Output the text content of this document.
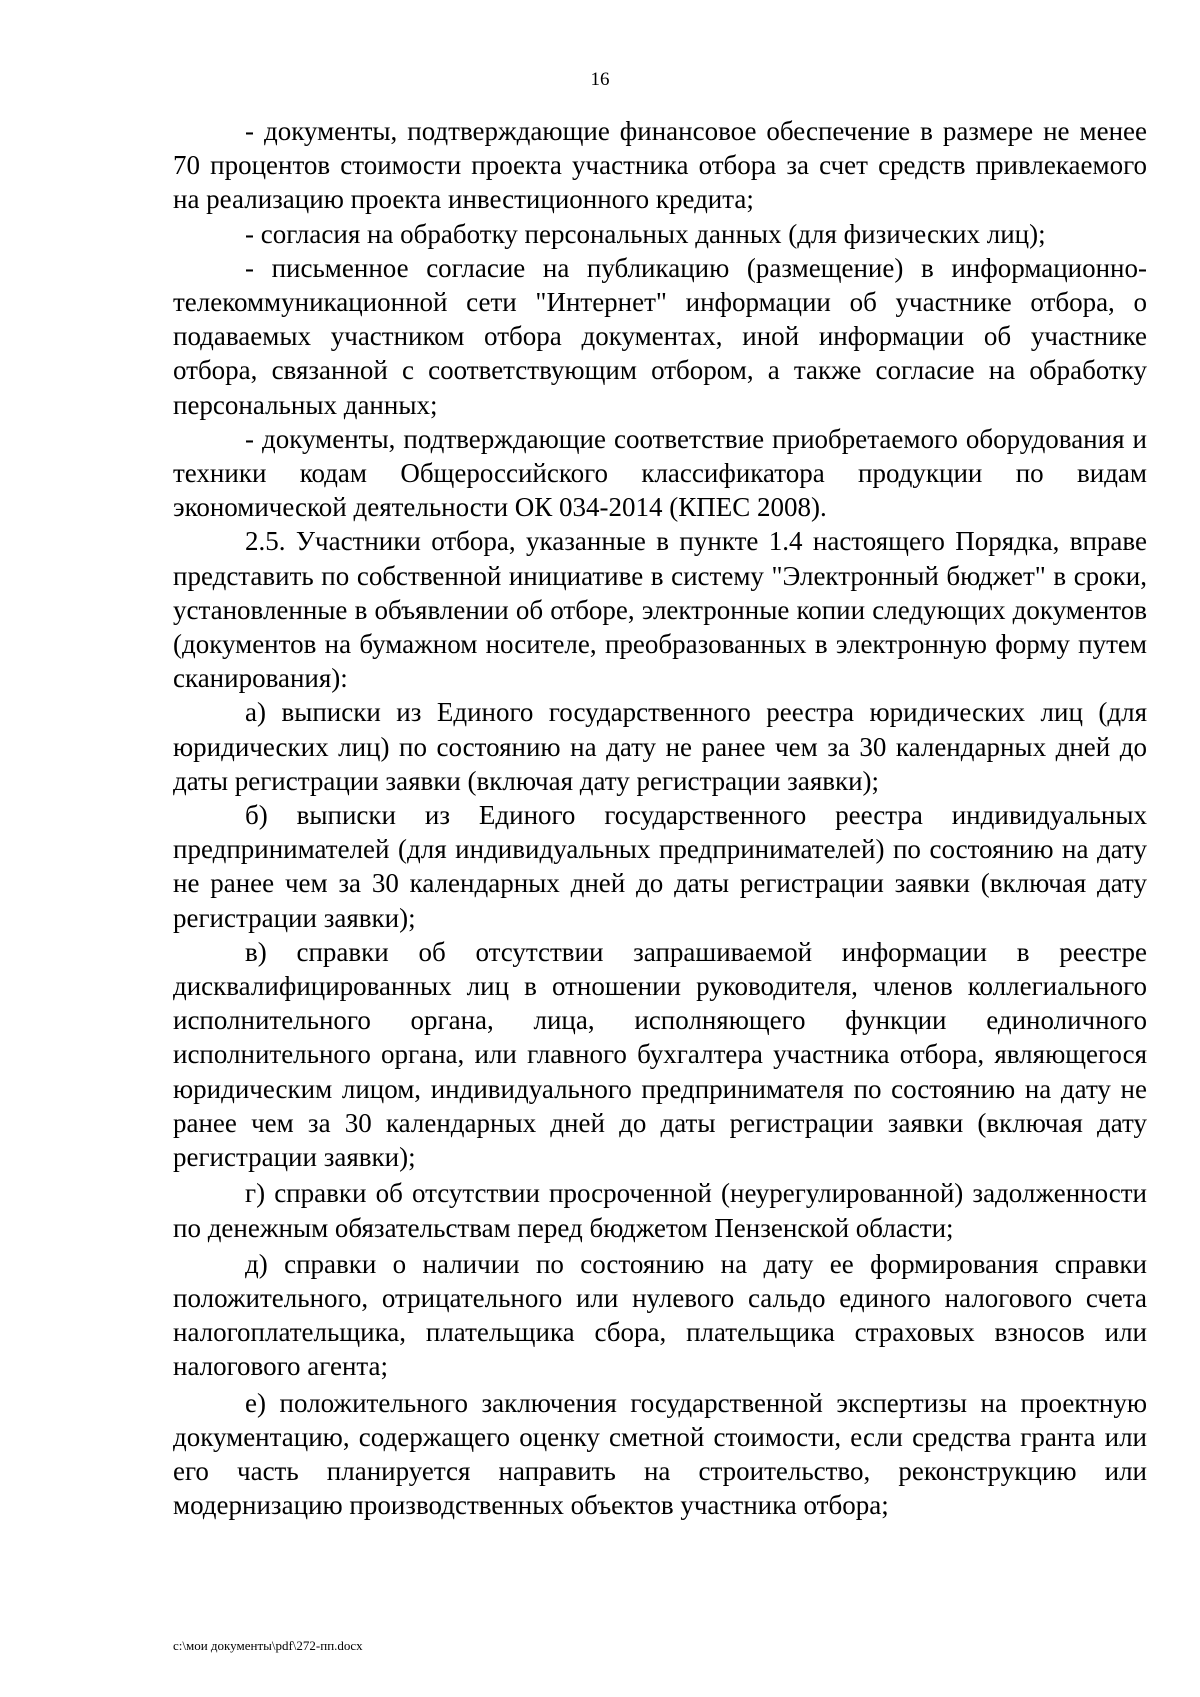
16

- документы, подтверждающие финансовое обеспечение в размере не менее 70 процентов стоимости проекта участника отбора за счет средств привлекаемого на реализацию проекта инвестиционного кредита;

- согласия на обработку персональных данных (для физических лиц);

- письменное согласие на публикацию (размещение) в информационно-телекоммуникационной сети "Интернет" информации об участнике отбора, о подаваемых участником отбора документах, иной информации об участнике отбора, связанной с соответствующим отбором, а также согласие на обработку персональных данных;

- документы, подтверждающие соответствие приобретаемого оборудования и техники кодам Общероссийского классификатора продукции по видам экономической деятельности ОК 034-2014 (КПЕС 2008).

2.5. Участники отбора, указанные в пункте 1.4 настоящего Порядка, вправе представить по собственной инициативе в систему "Электронный бюджет" в сроки, установленные в объявлении об отборе, электронные копии следующих документов (документов на бумажном носителе, преобразованных в электронную форму путем сканирования):

а) выписки из Единого государственного реестра юридических лиц (для юридических лиц) по состоянию на дату не ранее чем за 30 календарных дней до даты регистрации заявки (включая дату регистрации заявки);

б) выписки из Единого государственного реестра индивидуальных предпринимателей (для индивидуальных предпринимателей) по состоянию на дату не ранее чем за 30 календарных дней до даты регистрации заявки (включая дату регистрации заявки);

в) справки об отсутствии запрашиваемой информации в реестре дисквалифицированных лиц в отношении руководителя, членов коллегиального исполнительного органа, лица, исполняющего функции единоличного исполнительного органа, или главного бухгалтера участника отбора, являющегося юридическим лицом, индивидуального предпринимателя по состоянию на дату не ранее чем за 30 календарных дней до даты регистрации заявки (включая дату регистрации заявки);

г) справки об отсутствии просроченной (неурегулированной) задолженности по денежным обязательствам перед бюджетом Пензенской области;

д) справки о наличии по состоянию на дату ее формирования справки положительного, отрицательного или нулевого сальдо единого налогового счета налогоплательщика, плательщика сбора, плательщика страховых взносов или налогового агента;

е) положительного заключения государственной экспертизы на проектную документацию, содержащего оценку сметной стоимости, если средства гранта или его часть планируется направить на строительство, реконструкцию или модернизацию производственных объектов участника отбора;

c:\мои документы\pdf\272-пп.docx
